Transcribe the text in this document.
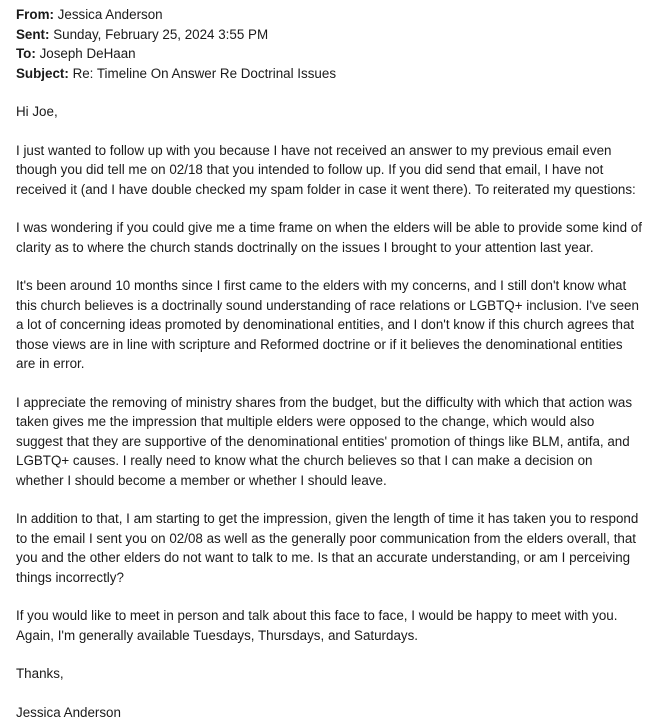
From: Jessica Anderson

Sent: Sunday, February 25, 2024 3:55 PM

To: Joseph DeHaan

Subject: Re: Timeline On Answer Re Doctrinal Issues

Hi Joe,

I just wanted to follow up with you because I have not received an answer to my previous email even though you did tell me on 02/18 that you intended to follow up. If you did send that email, I have not received it (and I have double checked my spam folder in case it went there). To reiterated my questions:

I was wondering if you could give me a time frame on when the elders will be able to provide some kind of clarity as to where the church stands doctrinally on the issues I brought to your attention last year.

It's been around 10 months since I first came to the elders with my concerns, and I still don't know what this church believes is a doctrinally sound understanding of race relations or LGBTQ+ inclusion. I've seen a lot of concerning ideas promoted by denominational entities, and I don't know if this church agrees that those views are in line with scripture and Reformed doctrine or if it believes the denominational entities are in error.

I appreciate the removing of ministry shares from the budget, but the difficulty with which that action was taken gives me the impression that multiple elders were opposed to the change, which would also suggest that they are supportive of the denominational entities' promotion of things like BLM, antifa, and LGBTQ+ causes. I really need to know what the church believes so that I can make a decision on whether I should become a member or whether I should leave.

In addition to that, I am starting to get the impression, given the length of time it has taken you to respond to the email I sent you on 02/08 as well as the generally poor communication from the elders overall, that you and the other elders do not want to talk to me. Is that an accurate understanding, or am I perceiving things incorrectly?

If you would like to meet in person and talk about this face to face, I would be happy to meet with you. Again, I'm generally available Tuesdays, Thursdays, and Saturdays.

Thanks,

Jessica Anderson
